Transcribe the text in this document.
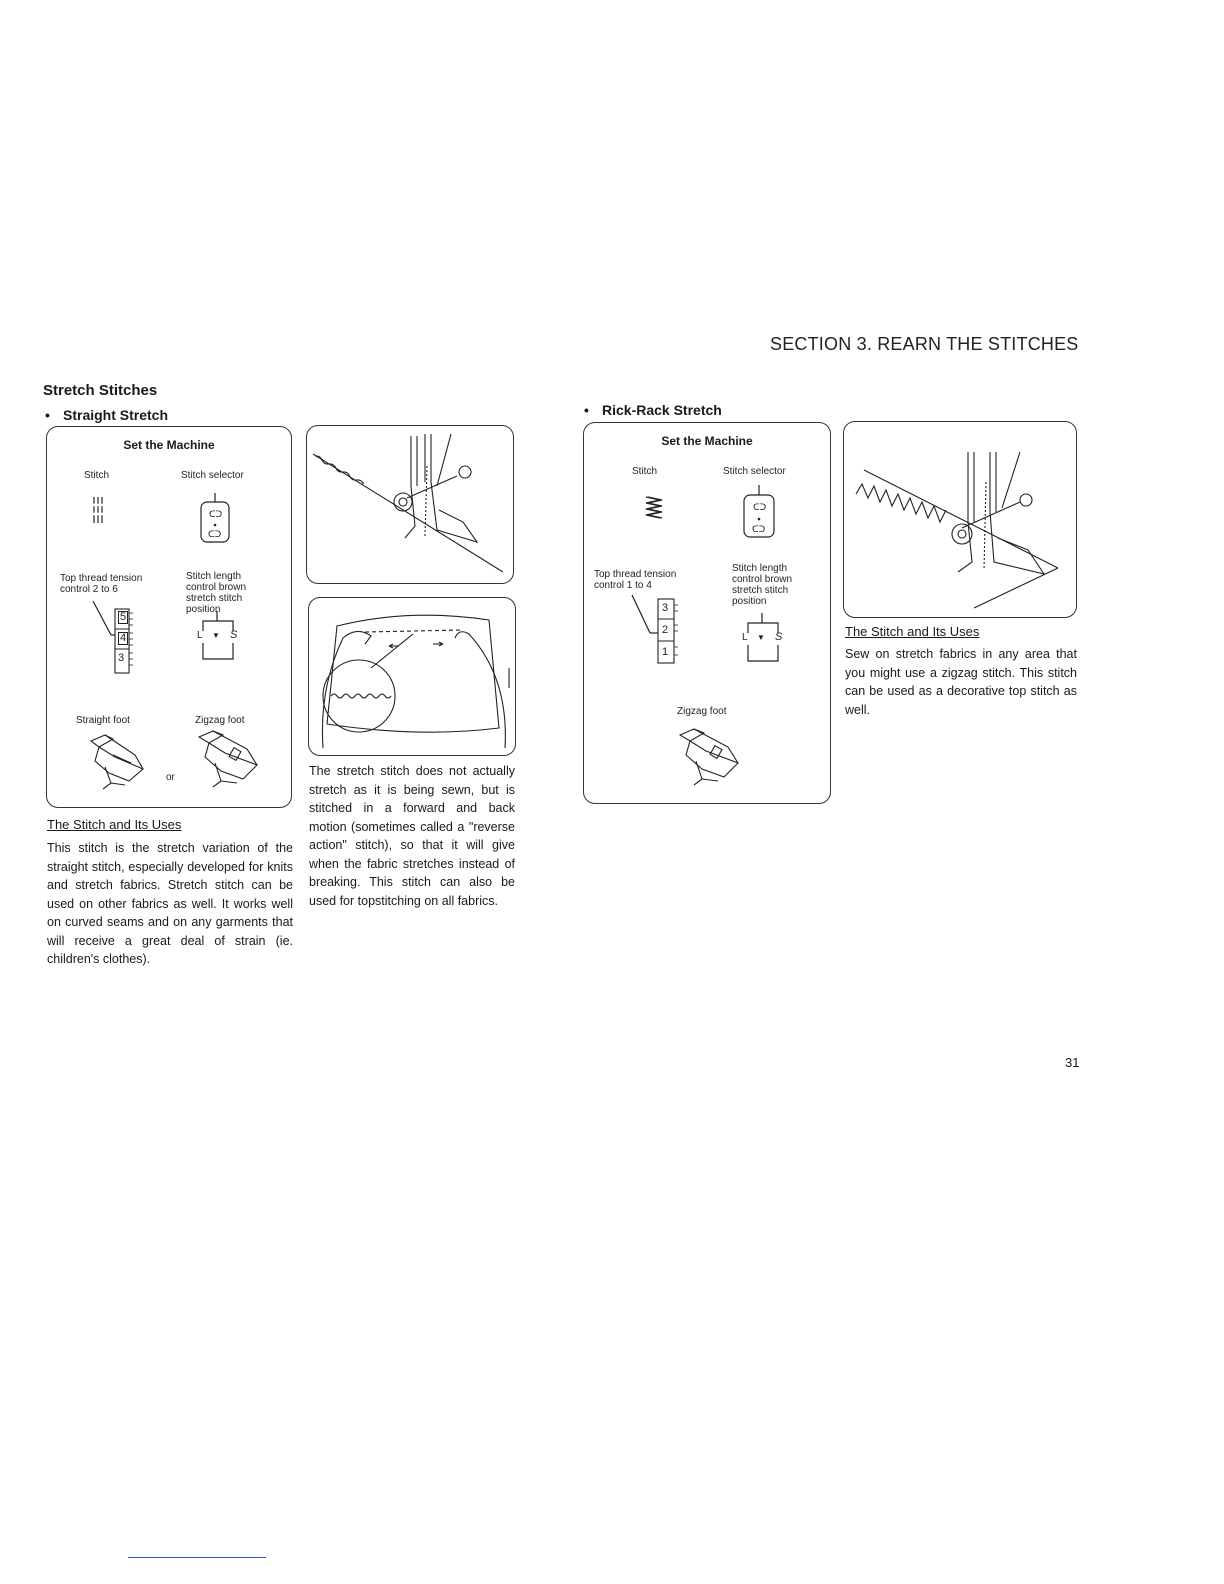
SECTION 3. REARN THE STITCHES
Stretch Stitches
• Straight Stretch
Set the Machine
Stitch	Stitch selector
ᑕᑐ
ᑕᑐ
Top thread tension control 2 to 6
Stitch length control brown stretch stitch position
5
4
3
L ▼ S
Straight foot	Zigzag foot
or
The Stitch and Its Uses
This stitch is the stretch variation of the straight stitch, especially developed for knits and stretch fabrics. Stretch stitch can be used on other fabrics as well. It works well on curved seams and on any garments that will receive a great deal of strain (ie. children's clothes).
The stretch stitch does not actually stretch as it is being sewn, but is stitched in a forward and back motion (sometimes called a "reverse action" stitch), so that it will give when the fabric stretches instead of breaking. This stitch can also be used for topstitching on all fabrics.
• Rick-Rack Stretch
Set the Machine
Stitch	Stitch selector
ᑕᑐ
ᑕᑐ
Top thread tension control 1 to 4
Stitch length control brown stretch stitch position
3
2
1
L ▼ S
Zigzag foot
The Stitch and Its Uses
Sew on stretch fabrics in any area that you might use a zigzag stitch. This stitch can be used as a decorative top stitch as well.
31
